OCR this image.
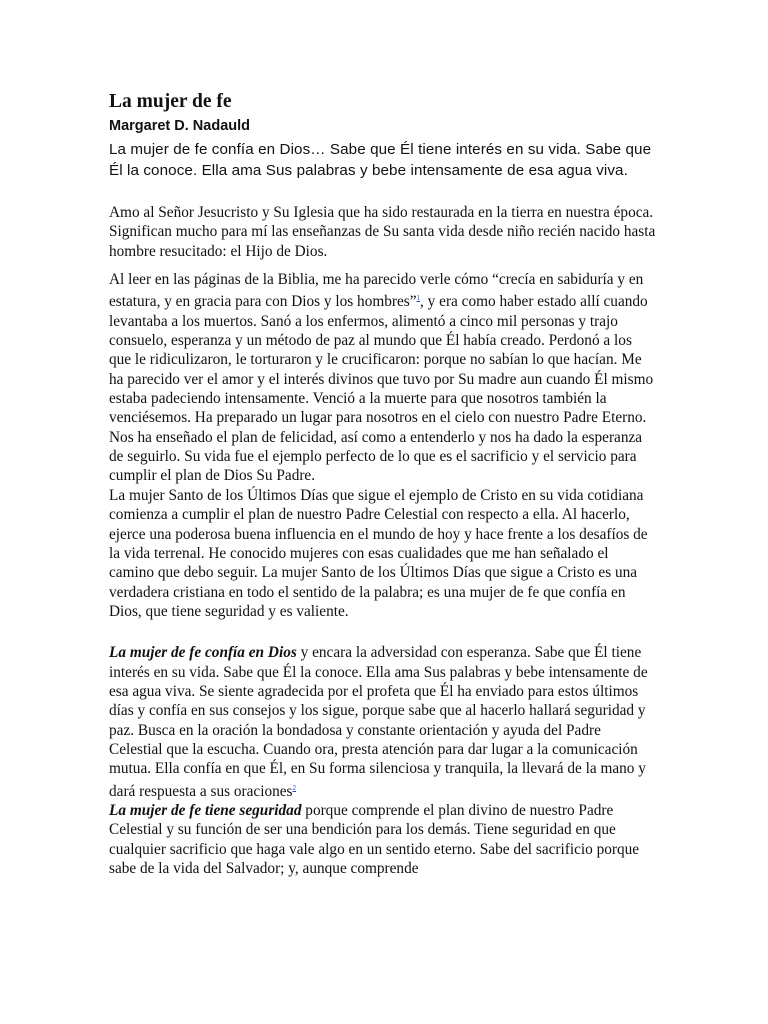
La mujer de fe
Margaret D. Nadauld

La mujer de fe confía en Dios… Sabe que Él tiene interés en su vida. Sabe que Él la conoce. Ella ama Sus palabras y bebe intensamente de esa agua viva.

Amo al Señor Jesucristo y Su Iglesia que ha sido restaurada en la tierra en nuestra época. Significan mucho para mí las enseñanzas de Su santa vida desde niño recién nacido hasta hombre resucitado: el Hijo de Dios.

Al leer en las páginas de la Biblia, me ha parecido verle cómo “crecía en sabiduría y en estatura, y en gracia para con Dios y los hombres”$^1$, y era como haber estado allí cuando levantaba a los muertos. Sanó a los enfermos, alimentó a cinco mil personas y trajo consuelo, esperanza y un método de paz al mundo que Él había creado. Perdonó a los que le ridiculizaron, le torturaron y le crucificaron: porque no sabían lo que hacían. Me ha parecido ver el amor y el interés divinos que tuvo por Su madre aun cuando Él mismo estaba padeciendo intensamente. Venció a la muerte para que nosotros también la venciésemos. Ha preparado un lugar para nosotros en el cielo con nuestro Padre Eterno. Nos ha enseñado el plan de felicidad, así como a entenderlo y nos ha dado la esperanza de seguirlo. Su vida fue el ejemplo perfecto de lo que es el sacrificio y el servicio para cumplir el plan de Dios Su Padre.

La mujer Santo de los Últimos Días que sigue el ejemplo de Cristo en su vida cotidiana comienza a cumplir el plan de nuestro Padre Celestial con respecto a ella. Al hacerlo, ejerce una poderosa buena influencia en el mundo de hoy y hace frente a los desafíos de la vida terrenal. He conocido mujeres con esas cualidades que me han señalado el camino que debo seguir. La mujer Santo de los Últimos Días que sigue a Cristo es una verdadera cristiana en todo el sentido de la palabra; es una mujer de fe que confía en Dios, que tiene seguridad y es valiente.

La mujer de fe confía en Dios y encara la adversidad con esperanza. Sabe que Él tiene interés en su vida. Sabe que Él la conoce. Ella ama Sus palabras y bebe intensamente de esa agua viva. Se siente agradecida por el profeta que Él ha enviado para estos últimos días y confía en sus consejos y los sigue, porque sabe que al hacerlo hallará seguridad y paz. Busca en la oración la bondadosa y constante orientación y ayuda del Padre Celestial que la escucha. Cuando ora, presta atención para dar lugar a la comunicación mutua. Ella confía en que Él, en Su forma silenciosa y tranquila, la llevará de la mano y dará respuesta a sus oraciones$^2$

La mujer de fe tiene seguridad porque comprende el plan divino de nuestro Padre Celestial y su función de ser una bendición para los demás. Tiene seguridad en que cualquier sacrificio que haga vale algo en un sentido eterno. Sabe del sacrificio porque sabe de la vida del Salvador; y, aunque comprende
